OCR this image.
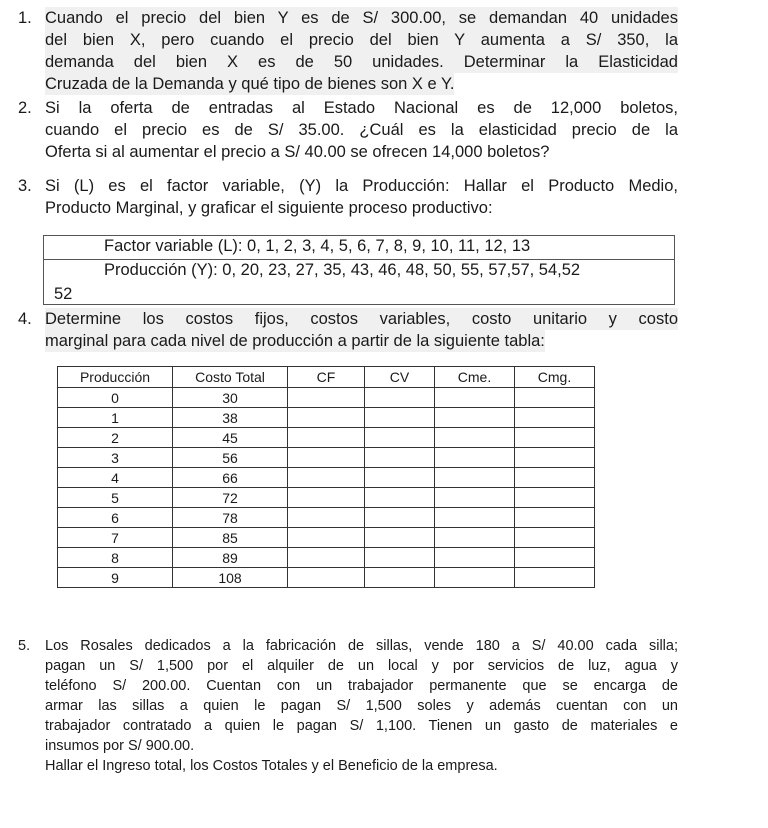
1. Cuando el precio del bien Y es de S/ 300.00, se demandan 40 unidades
del bien X, pero cuando el precio del bien Y aumenta a S/ 350, la
demanda del bien X es de 50 unidades. Determinar la Elasticidad
Cruzada de la Demanda y qué tipo de bienes son X e Y.
2. Si la oferta de entradas al Estado Nacional es de 12,000 boletos,
cuando el precio es de S/ 35.00. ¿Cuál es la elasticidad precio de la
Oferta si al aumentar el precio a S/ 40.00 se ofrecen 14,000 boletos?
3. Si (L) es el factor variable, (Y) la Producción: Hallar el Producto Medio,
Producto Marginal, y graficar el siguiente proceso productivo:
Factor variable (L): 0, 1, 2, 3, 4, 5, 6, 7, 8, 9, 10, 11, 12, 13
Producción (Y): 0, 20, 23, 27, 35, 43, 46, 48, 50, 55, 57,57, 54,52
52
4. Determine los costos fijos, costos variables, costo unitario y costo
marginal para cada nivel de producción a partir de la siguiente tabla:
Producción	Costo Total	CF	CV	Cme.	Cmg.
0	30				
1	38				
2	45				
3	56				
4	66				
5	72				
6	78				
7	85				
8	89				
9	108				
5. Los Rosales dedicados a la fabricación de sillas, vende 180 a S/ 40.00 cada silla;
pagan un S/ 1,500 por el alquiler de un local y por servicios de luz, agua y
teléfono S/ 200.00. Cuentan con un trabajador permanente que se encarga de
armar las sillas a quien le pagan S/ 1,500 soles y además cuentan con un
trabajador contratado a quien le pagan S/ 1,100. Tienen un gasto de materiales e
insumos por S/ 900.00.
Hallar el Ingreso total, los Costos Totales y el Beneficio de la empresa.
